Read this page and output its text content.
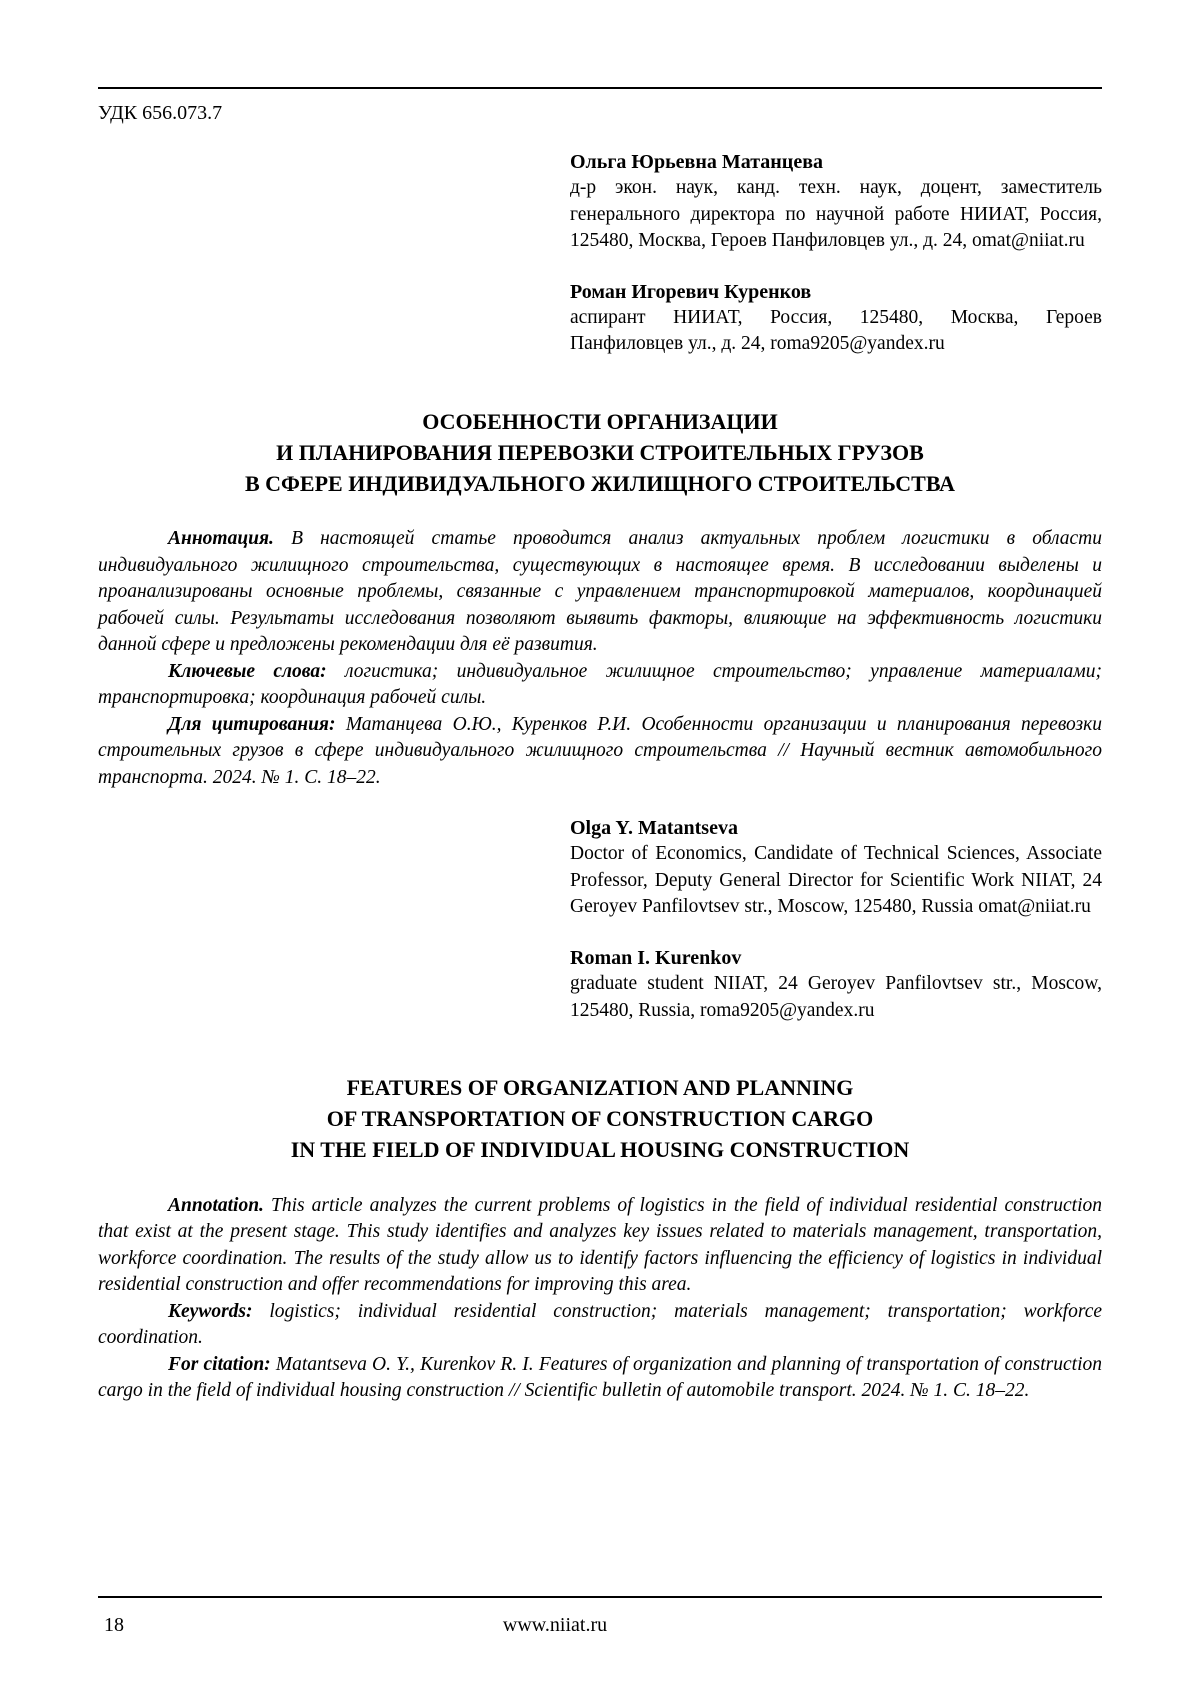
УДК 656.073.7
Ольга Юрьевна Матанцева
д-р экон. наук, канд. техн. наук, доцент, заместитель генерального директора по научной работе НИИАТ, Россия, 125480, Москва, Героев Панфиловцев ул., д. 24, omat@niiat.ru
Роман Игоревич Куренков
аспирант НИИАТ, Россия, 125480, Москва, Героев Панфиловцев ул., д. 24, roma9205@yandex.ru
ОСОБЕННОСТИ ОРГАНИЗАЦИИ
И ПЛАНИРОВАНИЯ ПЕРЕВОЗКИ СТРОИТЕЛЬНЫХ ГРУЗОВ
В СФЕРЕ ИНДИВИДУАЛЬНОГО ЖИЛИЩНОГО СТРОИТЕЛЬСТВА

Аннотация. В настоящей статье проводится анализ актуальных проблем логистики в области индивидуального жилищного строительства, существующих в настоящее время. В исследовании выделены и проанализированы основные проблемы, связанные с управлением транспортировкой материалов, координацией рабочей силы. Результаты исследования позволяют выявить факторы, влияющие на эффективность логистики данной сфере и предложены рекомендации для её развития.

Ключевые слова: логистика; индивидуальное жилищное строительство; управление материалами; транспортировка; координация рабочей силы.

Для цитирования: Матанцева О.Ю., Куренков Р.И. Особенности организации и планирования перевозки строительных грузов в сфере индивидуального жилищного строительства // Научный вестник автомобильного транспорта. 2024. № 1. С. 18–22.

Olga Y. Matantseva
Doctor of Economics, Candidate of Technical Sciences, Associate Professor, Deputy General Director for Scientific Work NIIAT, 24 Geroyev Panfilovtsev str., Moscow, 125480, Russia omat@niiat.ru
Roman I. Kurenkov
graduate student NIIAT, 24 Geroyev Panfilovtsev str., Moscow, 125480, Russia, roma9205@yandex.ru
FEATURES OF ORGANIZATION AND PLANNING
OF TRANSPORTATION OF CONSTRUCTION CARGO
IN THE FIELD OF INDIVIDUAL HOUSING CONSTRUCTION

Annotation. This article analyzes the current problems of logistics in the field of individual residential construction that exist at the present stage. This study identifies and analyzes key issues related to materials management, transportation, workforce coordination. The results of the study allow us to identify factors influencing the efficiency of logistics in individual residential construction and offer recommendations for improving this area.

Keywords: logistics; individual residential construction; materials management; transportation; workforce coordination.

For citation: Matantseva O. Y., Kurenkov R. I. Features of organization and planning of transportation of construction cargo in the field of individual housing construction // Scientific bulletin of automobile transport. 2024. № 1. С. 18–22.

18	www.niiat.ru
